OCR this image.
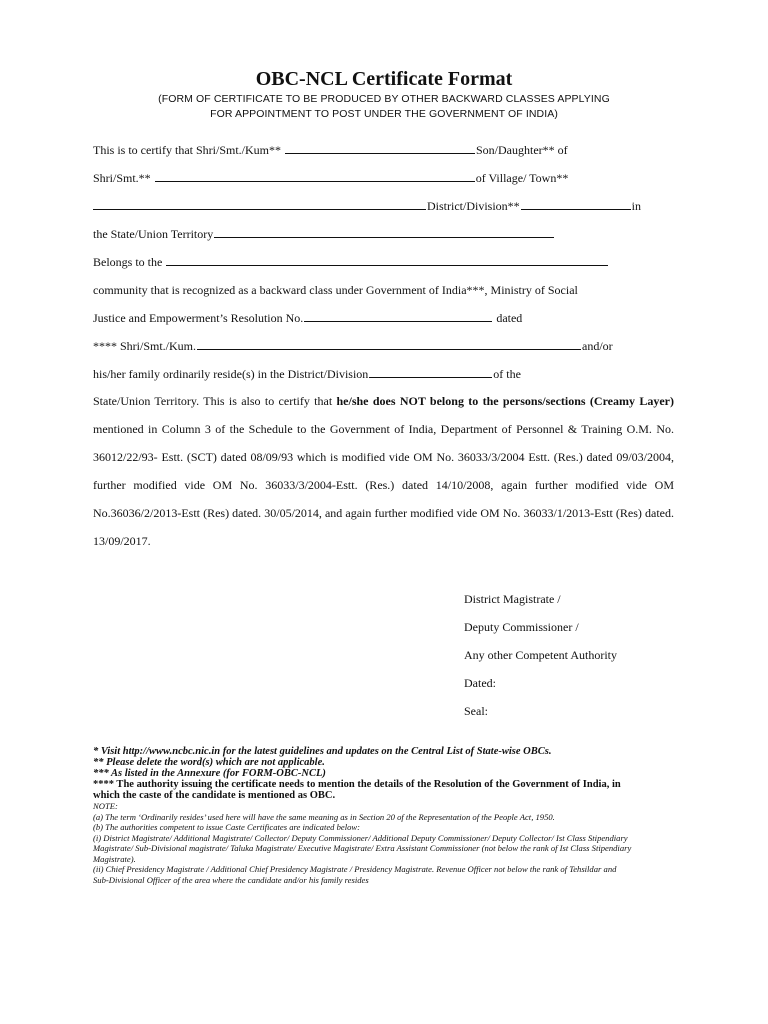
OBC-NCL Certificate Format
(FORM OF CERTIFICATE TO BE PRODUCED BY OTHER BACKWARD CLASSES APPLYING
FOR APPOINTMENT TO POST UNDER THE GOVERNMENT OF INDIA)
This is to certify that Shri/Smt./Kum**	Son/Daughter** of
Shri/Smt.**	of Village/ Town**
District/Division**	in
the State/Union Territory
Belongs to the
community that is recognized as a backward class under Government of India***, Ministry of Social
Justice and Empowerment’s Resolution No.	dated
**** Shri/Smt./Kum.	and/or
his/her family ordinarily reside(s) in the District/Division	of the
State/Union Territory. This is also to certify that he/she does NOT belong to the persons/sections (Creamy Layer) mentioned in Column 3 of the Schedule to the Government of India, Department of Personnel & Training O.M. No. 36012/22/93- Estt. (SCT) dated 08/09/93 which is modified vide OM No. 36033/3/2004 Estt. (Res.) dated 09/03/2004, further modified vide OM No. 36033/3/2004-Estt. (Res.) dated 14/10/2008, again further modified vide OM No.36036/2/2013-Estt (Res) dated. 30/05/2014, and again further modified vide OM No. 36033/1/2013-Estt (Res) dated. 13/09/2017.
District Magistrate /
Deputy Commissioner /
Any other Competent Authority
Dated:
Seal:
* Visit http://www.ncbc.nic.in for the latest guidelines and updates on the Central List of State-wise OBCs.
** Please delete the word(s) which are not applicable.
*** As listed in the Annexure (for FORM-OBC-NCL)
**** The authority issuing the certificate needs to mention the details of the Resolution of the Government of India, in
which the caste of the candidate is mentioned as OBC.
NOTE:
(a) The term ‘Ordinarily resides’ used here will have the same meaning as in Section 20 of the Representation of the People Act, 1950.
(b) The authorities competent to issue Caste Certificates are indicated below:
(i) District Magistrate/ Additional Magistrate/ Collector/ Deputy Commissioner/ Additional Deputy Commissioner/ Deputy Collector/ Ist Class Stipendiary Magistrate/ Sub-Divisional magistrate/ Taluka Magistrate/ Executive Magistrate/ Extra Assistant Commissioner (not below the rank of Ist Class Stipendiary Magistrate).
(ii) Chief Presidency Magistrate / Additional Chief Presidency Magistrate / Presidency Magistrate. Revenue Officer not below the rank of Tehsildar and Sub-Divisional Officer of the area where the candidate and/or his family resides
